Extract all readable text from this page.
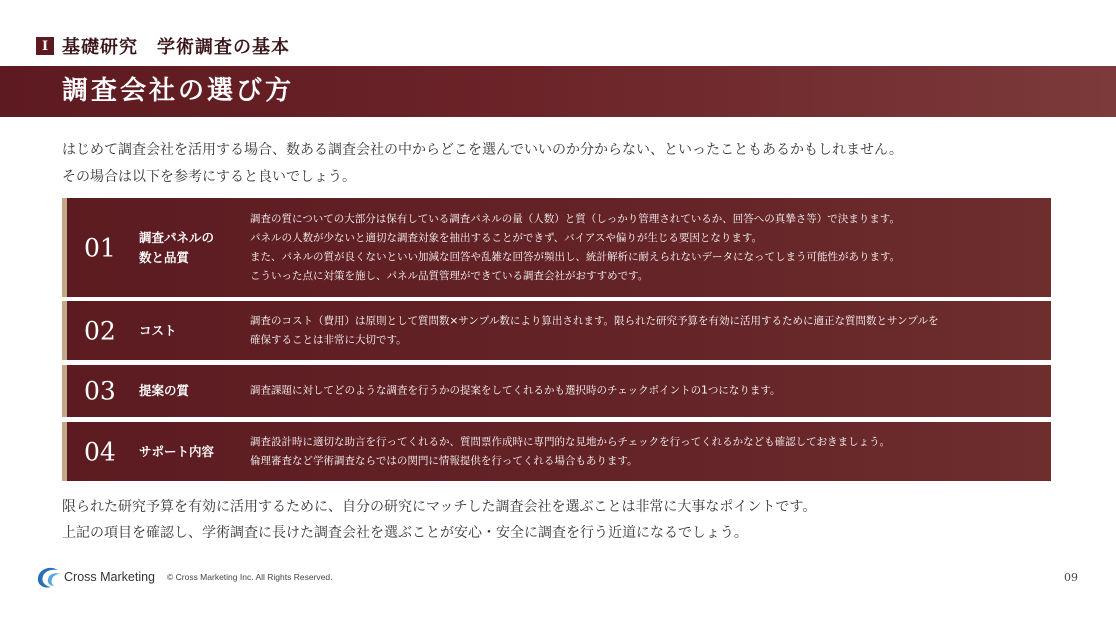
Ⅰ 基礎研究　学術調査の基本
調査会社の選び方
はじめて調査会社を活用する場合、数ある調査会社の中からどこを選んでいいのか分からない、といったこともあるかもしれません。
その場合は以下を参考にすると良いでしょう。
01 調査パネルの
数と品質
調査の質についての大部分は保有している調査パネルの量（人数）と質（しっかり管理されているか、回答への真摯さ等）で決まります。
パネルの人数が少ないと適切な調査対象を抽出することができず、バイアスや偏りが生じる要因となります。
また、パネルの質が良くないといい加減な回答や乱雑な回答が頻出し、統計解析に耐えられないデータになってしまう可能性があります。
こういった点に対策を施し、パネル品質管理ができている調査会社がおすすめです。
02 コスト
調査のコスト（費用）は原則として質問数×サンプル数により算出されます。限られた研究予算を有効に活用するために適正な質問数とサンプルを
確保することは非常に大切です。
03 提案の質	調査課題に対してどのような調査を行うかの提案をしてくれるかも選択時のチェックポイントの1つになります。
04 サポート内容
調査設計時に適切な助言を行ってくれるか、質問票作成時に専門的な見地からチェックを行ってくれるかなども確認しておきましょう。
倫理審査など学術調査ならではの関門に情報提供を行ってくれる場合もあります。
限られた研究予算を有効に活用するために、自分の研究にマッチした調査会社を選ぶことは非常に大事なポイントです。
上記の項目を確認し、学術調査に長けた調査会社を選ぶことが安心・安全に調査を行う近道になるでしょう。
Cross Marketing © Cross Marketing Inc. All Rights Reserved.	09
